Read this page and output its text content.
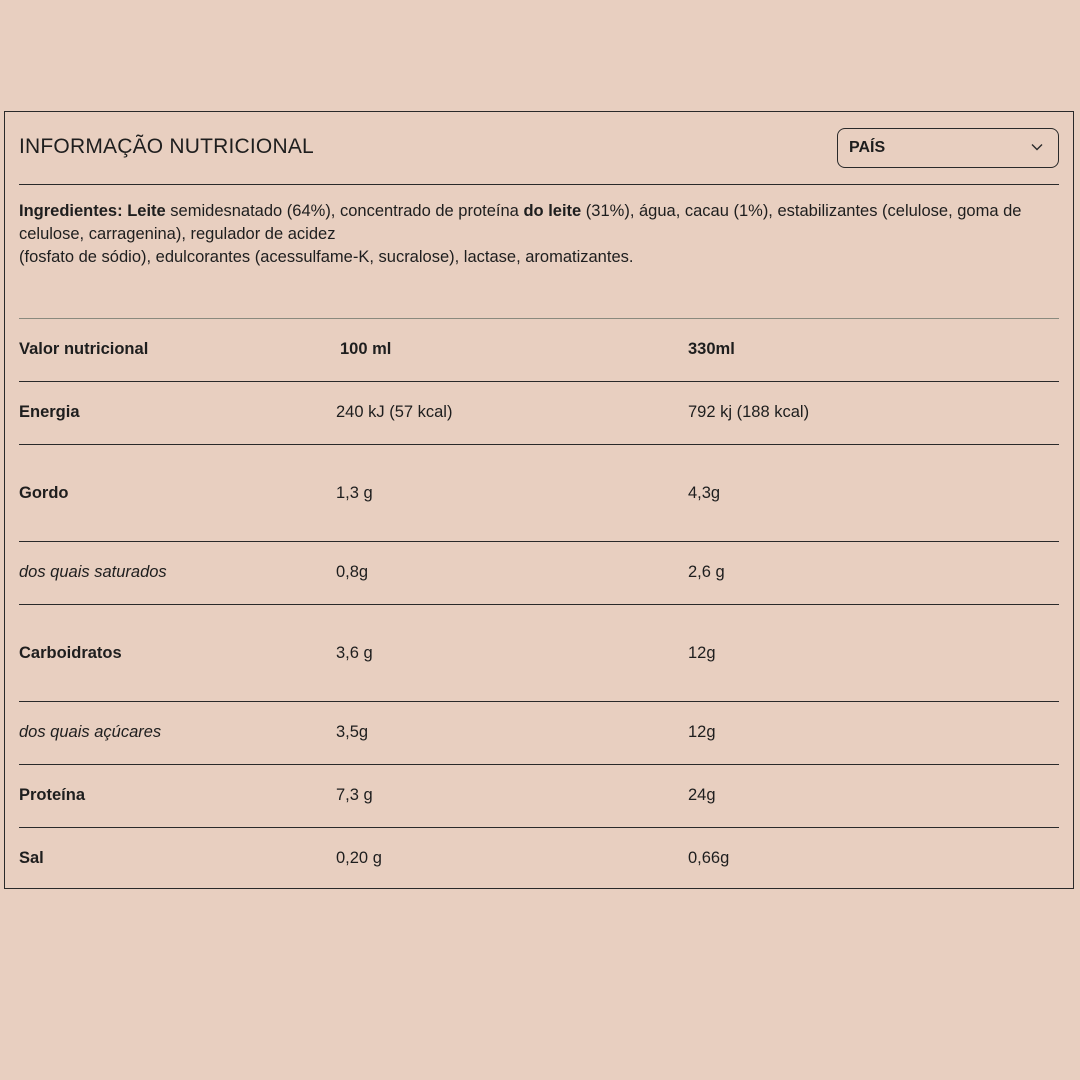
INFORMAÇÃO NUTRICIONAL	PAÍS

Ingredientes: Leite semidesnatado (64%), concentrado de proteína do leite (31%), água, cacau (1%), estabilizantes (celulose, goma de celulose, carragenina), regulador de acidez

(fosfato de sódio), edulcorantes (acessulfame-K, sucralose), lactase, aromatizantes.

Valor nutricional	100 ml	330ml
Energia	240 kJ (57 kcal)	792 kj (188 kcal)
Gordo	1,3 g	4,3g
dos quais saturados	0,8g	2,6 g
Carboidratos	3,6 g	12g
dos quais açúcares	3,5g	12g
Proteína	7,3 g	24g
Sal	0,20 g	0,66g
